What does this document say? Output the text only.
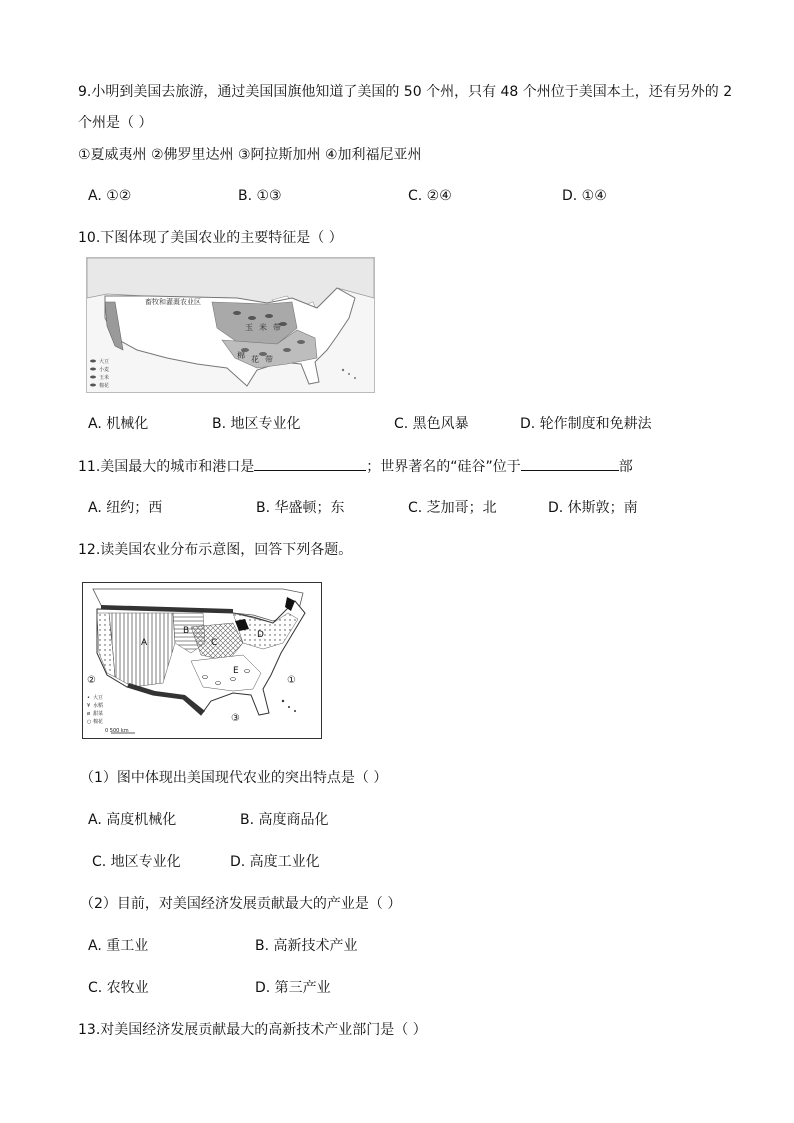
9.小明到美国去旅游，通过美国国旗他知道了美国的 50 个州，只有 48 个州位于美国本土，还有另外的 2
个州是（ ）
①夏威夷州 ②佛罗里达州 ③阿拉斯加州 ④加利福尼亚州
A. ①②	B. ①③	C. ②④	D. ①④
10.下图体现了美国农业的主要特征是（ ）
畜牧和灌溉农业区
玉 米 带
棉 花 带
大豆
小麦
玉米
棉花
A. 机械化	B. 地区专业化	C. 黑色风暴	D. 轮作制度和免耕法
11.美国最大的城市和港口是	；世界著名的“硅谷”位于	部
A. 纽约；西	B. 华盛顿；东	C. 芝加哥；北	D. 休斯敦；南
12.读美国农业分布示意图，回答下列各题。
A
B
C
D
E
①
②
③
• 大豆
¥ 水稻
ø 甜菜
○ 棉花
0 500 km
（1）图中体现出美国现代农业的突出特点是（ ）
A. 高度机械化	B. 高度商品化
C. 地区专业化	D. 高度工业化
（2）目前，对美国经济发展贡献最大的产业是（ ）
A. 重工业	B. 高新技术产业
C. 农牧业	D. 第三产业
13.对美国经济发展贡献最大的高新技术产业部门是（ ）
